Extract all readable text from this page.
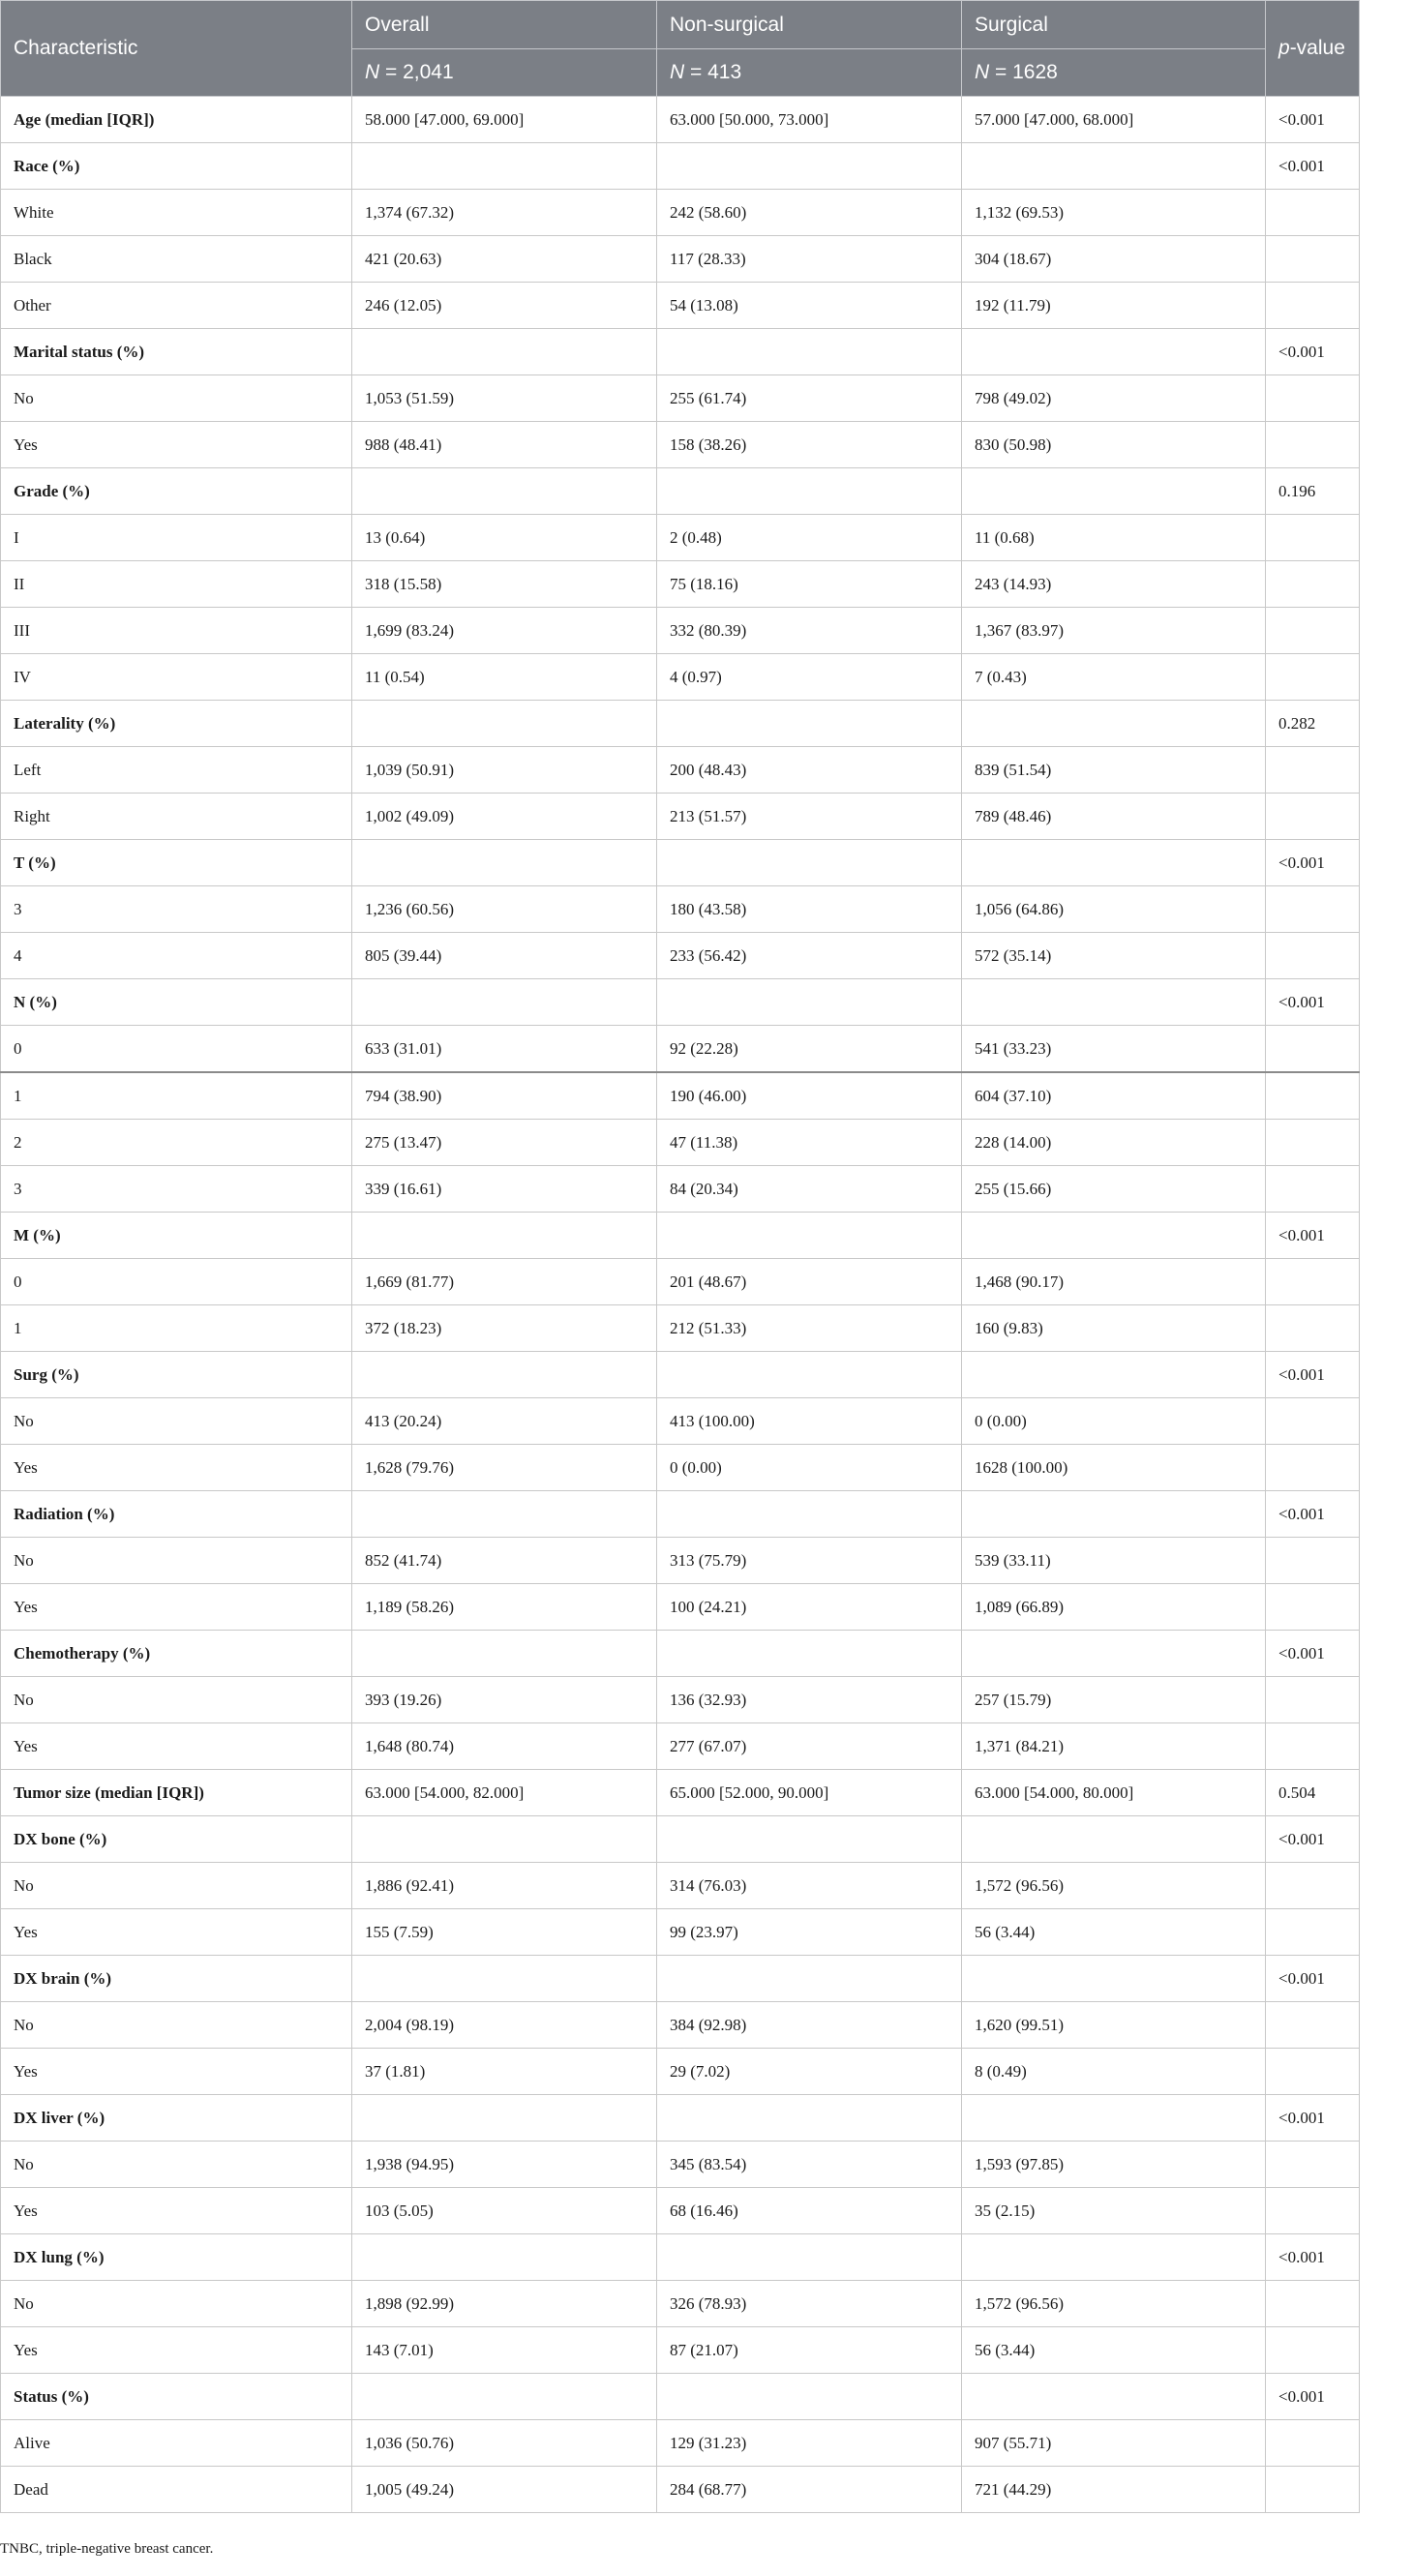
Characteristic	Overall	Non-surgical	Surgical	p-value
	N = 2,041	N = 413	N = 1628	
Age (median [IQR])	58.000 [47.000, 69.000]	63.000 [50.000, 73.000]	57.000 [47.000, 68.000]	<0.001
Race (%)				<0.001
White	1,374 (67.32)	242 (58.60)	1,132 (69.53)	
Black	421 (20.63)	117 (28.33)	304 (18.67)	
Other	246 (12.05)	54 (13.08)	192 (11.79)	
Marital status (%)				<0.001
No	1,053 (51.59)	255 (61.74)	798 (49.02)	
Yes	988 (48.41)	158 (38.26)	830 (50.98)	
Grade (%)				0.196
I	13 (0.64)	2 (0.48)	11 (0.68)	
II	318 (15.58)	75 (18.16)	243 (14.93)	
III	1,699 (83.24)	332 (80.39)	1,367 (83.97)	
IV	11 (0.54)	4 (0.97)	7 (0.43)	
Laterality (%)				0.282
Left	1,039 (50.91)	200 (48.43)	839 (51.54)	
Right	1,002 (49.09)	213 (51.57)	789 (48.46)	
T (%)				<0.001
3	1,236 (60.56)	180 (43.58)	1,056 (64.86)	
4	805 (39.44)	233 (56.42)	572 (35.14)	
N (%)				<0.001
0	633 (31.01)	92 (22.28)	541 (33.23)	
1	794 (38.90)	190 (46.00)	604 (37.10)	
2	275 (13.47)	47 (11.38)	228 (14.00)	
3	339 (16.61)	84 (20.34)	255 (15.66)	
M (%)				<0.001
0	1,669 (81.77)	201 (48.67)	1,468 (90.17)	
1	372 (18.23)	212 (51.33)	160 (9.83)	
Surg (%)				<0.001
No	413 (20.24)	413 (100.00)	0 (0.00)	
Yes	1,628 (79.76)	0 (0.00)	1628 (100.00)	
Radiation (%)				<0.001
No	852 (41.74)	313 (75.79)	539 (33.11)	
Yes	1,189 (58.26)	100 (24.21)	1,089 (66.89)	
Chemotherapy (%)				<0.001
No	393 (19.26)	136 (32.93)	257 (15.79)	
Yes	1,648 (80.74)	277 (67.07)	1,371 (84.21)	
Tumor size (median [IQR])	63.000 [54.000, 82.000]	65.000 [52.000, 90.000]	63.000 [54.000, 80.000]	0.504
DX bone (%)				<0.001
No	1,886 (92.41)	314 (76.03)	1,572 (96.56)	
Yes	155 (7.59)	99 (23.97)	56 (3.44)	
DX brain (%)				<0.001
No	2,004 (98.19)	384 (92.98)	1,620 (99.51)	
Yes	37 (1.81)	29 (7.02)	8 (0.49)	
DX liver (%)				<0.001
No	1,938 (94.95)	345 (83.54)	1,593 (97.85)	
Yes	103 (5.05)	68 (16.46)	35 (2.15)	
DX lung (%)				<0.001
No	1,898 (92.99)	326 (78.93)	1,572 (96.56)	
Yes	143 (7.01)	87 (21.07)	56 (3.44)	
Status (%)				<0.001
Alive	1,036 (50.76)	129 (31.23)	907 (55.71)	
Dead	1,005 (49.24)	284 (68.77)	721 (44.29)	

TNBC, triple-negative breast cancer.
